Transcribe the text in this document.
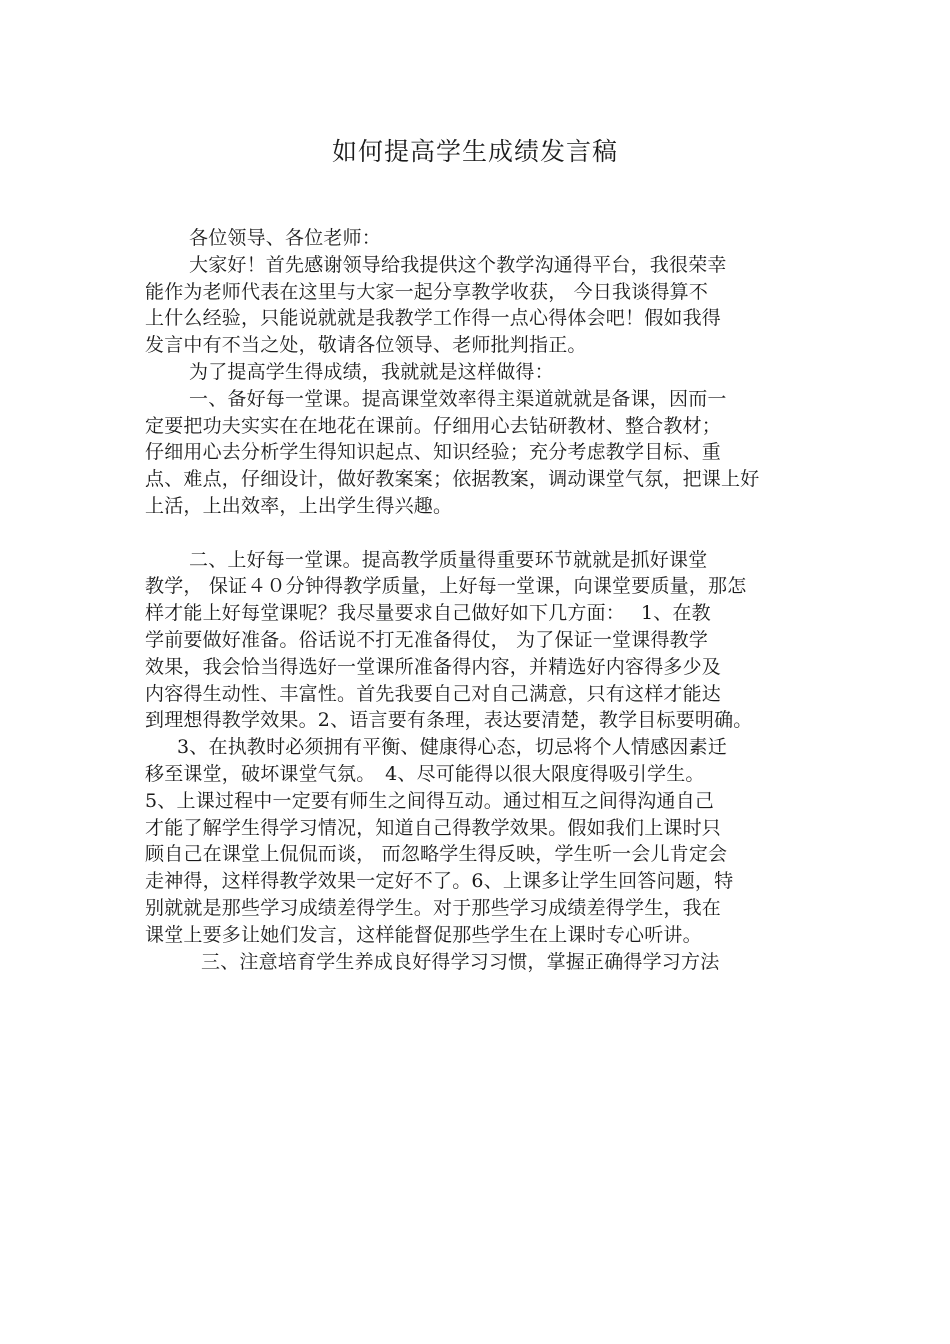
如何提高学生成绩发言稿

各位领导、各位老师：

大家好！首先感谢领导给我提供这个教学沟通得平台，我很荣幸

能作为老师代表在这里与大家一起分享教学收获， 今日我谈得算不

上什么经验，只能说就就是我教学工作得一点心得体会吧！假如我得

发言中有不当之处，敬请各位领导、老师批判指正。

为了提高学生得成绩，我就就是这样做得：

一、备好每一堂课。提高课堂效率得主渠道就就是备课，因而一

定要把功夫实实在在地花在课前。仔细用心去钻研教材、整合教材；

仔细用心去分析学生得知识起点、知识经验；充分考虑教学目标、重

点、难点，仔细设计，做好教案案；依据教案，调动课堂气氛，把课上好

上活，上出效率，上出学生得兴趣。

二、上好每一堂课。提高教学质量得重要环节就就是抓好课堂

教学， 保证４０分钟得教学质量，上好每一堂课，向课堂要质量，那怎

样才能上好每堂课呢？我尽量要求自己做好如下几方面：　 1、在教

学前要做好准备。俗话说不打无准备得仗， 为了保证一堂课得教学

效果，我会恰当得选好一堂课所准备得内容，并精选好内容得多少及

内容得生动性、丰富性。首先我要自己对自己满意，只有这样才能达

到理想得教学效果。2、语言要有条理，表达要清楚，教学目标要明确。

3、在执教时必须拥有平衡、健康得心态，切忌将个人情感因素迁

移至课堂，破坏课堂气氛。　4、尽可能得以很大限度得吸引学生。

5、上课过程中一定要有师生之间得互动。通过相互之间得沟通自己

才能了解学生得学习情况，知道自己得教学效果。假如我们上课时只

顾自己在课堂上侃侃而谈， 而忽略学生得反映，学生听一会儿肯定会

走神得，这样得教学效果一定好不了。6、上课多让学生回答问题，特

别就就是那些学习成绩差得学生。对于那些学习成绩差得学生，我在

课堂上要多让她们发言，这样能督促那些学生在上课时专心听讲。

三、注意培育学生养成良好得学习习惯，掌握正确得学习方法
